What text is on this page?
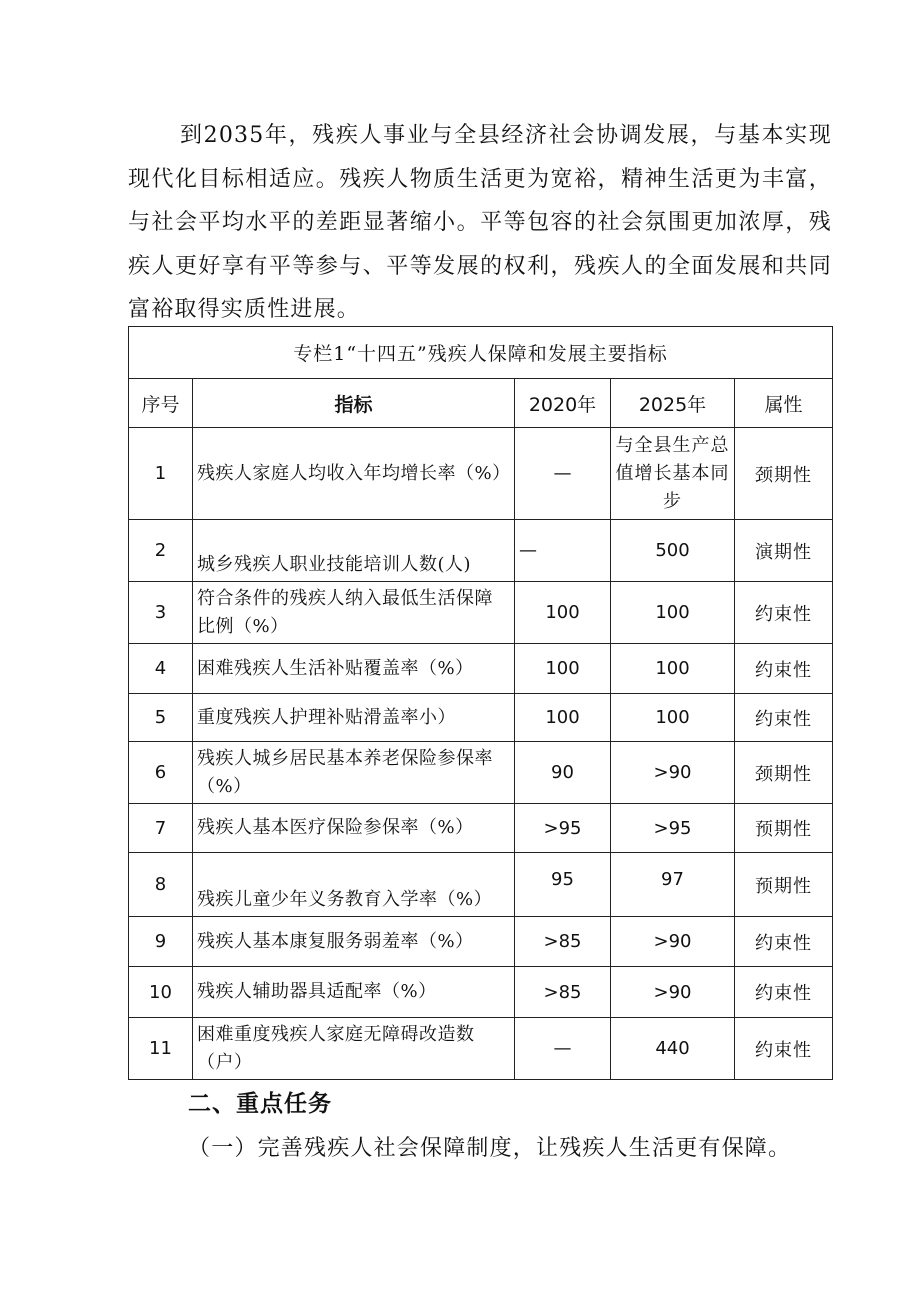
到2035年，残疾人事业与全县经济社会协调发展，与基本实现现代化目标相适应。残疾人物质生活更为宽裕，精神生活更为丰富，与社会平均水平的差距显著缩小。平等包容的社会氛围更加浓厚，残疾人更好享有平等参与、平等发展的权利，残疾人的全面发展和共同富裕取得实质性进展。

专栏1“十四五”残疾人保障和发展主要指标				
序号	指标	2020年	2025年	属性
1	残疾人家庭人均收入年均增长率（%）	—	与全县生产总值增长基本同步	颈期性
2	城乡残疾人职业技能培训人数(人)	—	500	演期性
3	符合条件的残疾人纳入最低生活保障比例（%）	100	100	约束性
4	困难残疾人生活补贴覆盖率（%）	100	100	约束性
5	重度残疾人护理补贴滑盖率小）	100	100	约束性
6	残疾人城乡居民基本养老保险参保率（%）	90	>90	颈期性
7	残疾人基本医疗保险参保率（%）	>95	>95	预期性
8	残疾儿童少年义务教育入学率（%）	95	97	预期性
9	残疾人基本康复服务弱羞率（%）	>85	>90	约束性
10	残疾人辅助器具适配率（%）	>85	>90	约束性
11	困难重度残疾人家庭无障碍改造数（户）	—	440	约束性
二、重点任务
（一）完善残疾人社会保障制度，让残疾人生活更有保障。
